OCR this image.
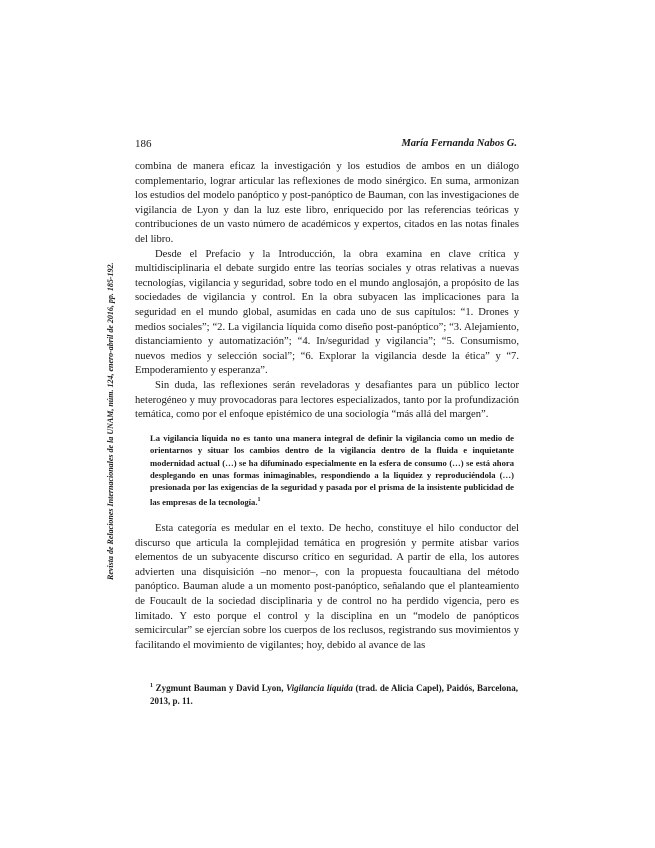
186	María Fernanda Nabos G.
Revista de Relaciones Internacionales de la UNAM, núm. 124, enero-abril de 2016, pp. 185-192.

combina de manera eficaz la investigación y los estudios de ambos en un diálogo complementario, lograr articular las reflexiones de modo sinérgico. En suma, armonizan los estudios del modelo panóptico y post-panóptico de Bauman, con las investigaciones de vigilancia de Lyon y dan la luz este libro, enriquecido por las referencias teóricas y contribuciones de un vasto número de académicos y expertos, citados en las notas finales del libro.

Desde el Prefacio y la Introducción, la obra examina en clave crítica y multidisciplinaria el debate surgido entre las teorías sociales y otras relativas a nuevas tecnologías, vigilancia y seguridad, sobre todo en el mundo anglosajón, a propósito de las sociedades de vigilancia y control. En la obra subyacen las implicaciones para la seguridad en el mundo global, asumidas en cada uno de sus capítulos: “1. Drones y medios sociales”; “2. La vigilancia líquida como diseño post-panóptico”; “3. Alejamiento, distanciamiento y automatización”; “4. In/seguridad y vigilancia”; “5. Consumismo, nuevos medios y selección social”; “6. Explorar la vigilancia desde la ética” y “7. Empoderamiento y esperanza”.

Sin duda, las reflexiones serán reveladoras y desafiantes para un público lector heterogéneo y muy provocadoras para lectores especializados, tanto por la profundización temática, como por el enfoque epistémico de una sociología “más allá del margen”.

La vigilancia líquida no es tanto una manera integral de definir la vigilancia como un medio de orientarnos y situar los cambios dentro de la vigilancia dentro de la fluida e inquietante modernidad actual (…) se ha difuminado especialmente en la esfera de consumo (…) se está ahora desplegando en unas formas inimaginables, respondiendo a la liquidez y reproduciéndola (…) presionada por las exigencias de la seguridad y pasada por el prisma de la insistente publicidad de las empresas de la tecnología.$^1$

Esta categoría es medular en el texto. De hecho, constituye el hilo conductor del discurso que articula la complejidad temática en progresión y permite atisbar varios elementos de un subyacente discurso crítico en seguridad. A partir de ella, los autores advierten una disquisición –no menor–, con la propuesta foucaultiana del método panóptico. Bauman alude a un momento post-panóptico, señalando que el planteamiento de Foucault de la sociedad disciplinaria y de control no ha perdido vigencia, pero es limitado. Y esto porque el control y la disciplina en un “modelo de panópticos semicircular” se ejercían sobre los cuerpos de los reclusos, registrando sus movimientos y facilitando el movimiento de vigilantes; hoy, debido al avance de las

$^1$ Zygmunt Bauman y David Lyon, Vigilancia líquida (trad. de Alicia Capel), Paidós, Barcelona, 2013, p. 11.
